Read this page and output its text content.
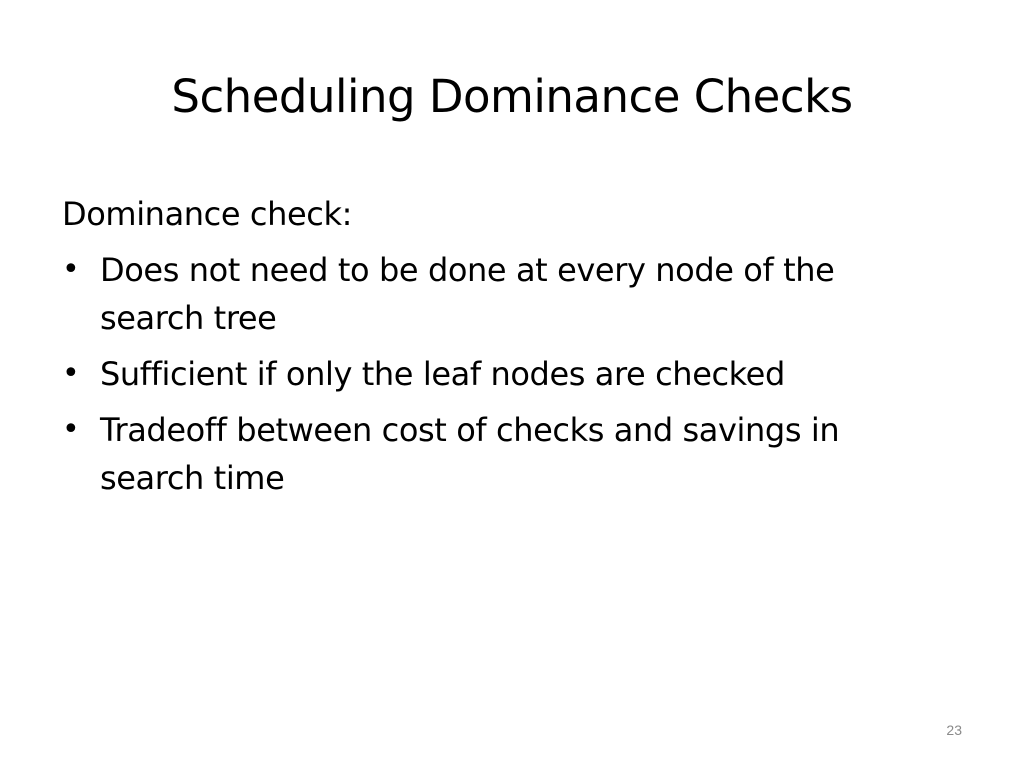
Scheduling Dominance Checks

Dominance check:

• Does not need to be done at every node of the search tree
• Sufficient if only the leaf nodes are checked
• Tradeoff between cost of checks and savings in search time
23
